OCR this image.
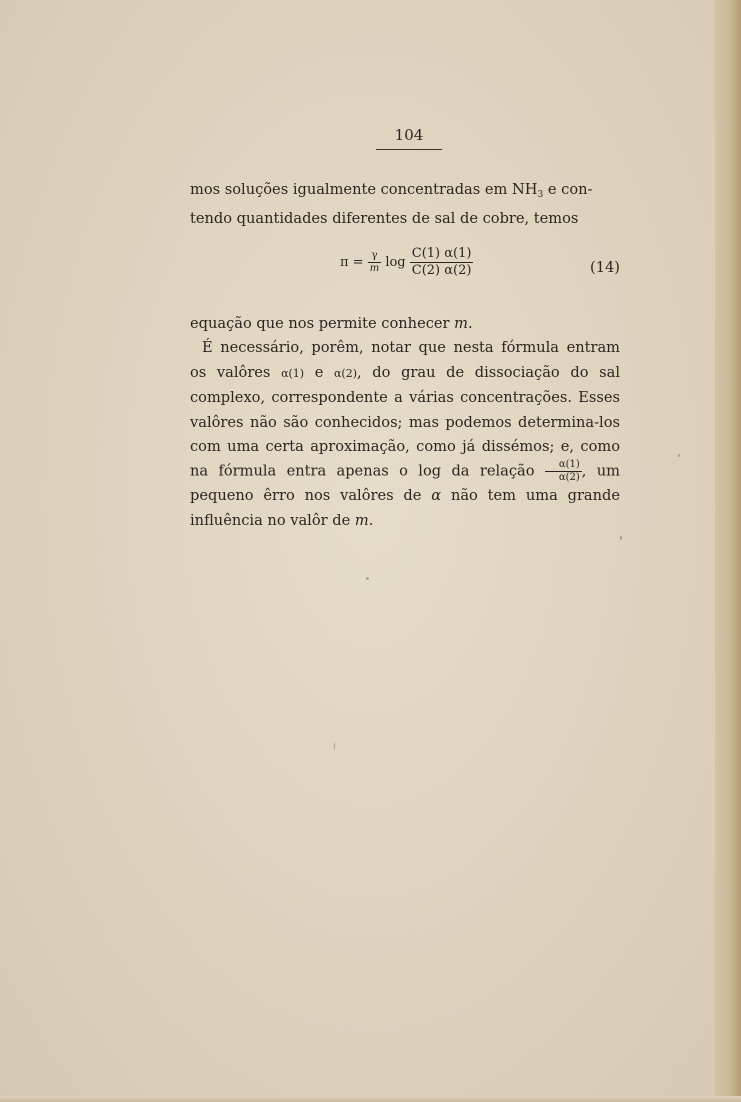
104
mos soluções igualmente concentradas em $NH_3$ e con-
tendo quantidades diferentes de sal de cobre, temos
$\pi = \frac{\gamma}{m}$ $\log \frac{C(1) \alpha(1)}{C(2) \alpha(2)}$	(14)
equação que nos permite conhecer m.
É necessário, porêm, notar que nesta fórmula entram os valôres α(1) e α(2), do grau de dissociação do sal complexo, correspondente a várias concentrações. Esses valôres não são conhecidos; mas podemos determina-los com uma certa aproximação, como já dissémos; e, como na fórmula entra apenas o log da relação $\frac{\alpha(1)}{\alpha(2)}$ , um pequeno êrro nos valôres de α não tem uma grande influência no valôr de m.
